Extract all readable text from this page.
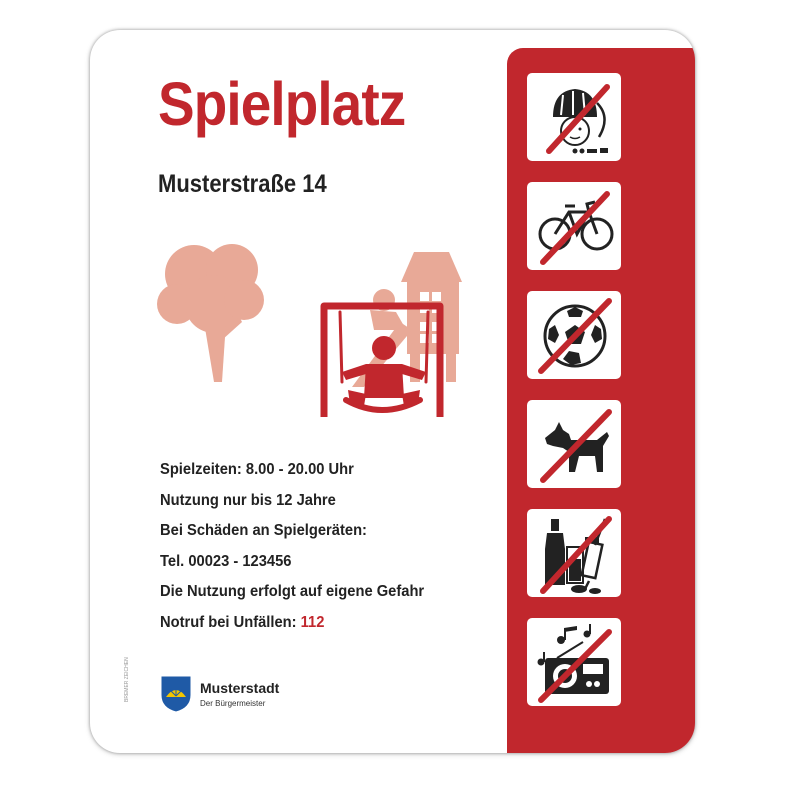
Spielplatz
Musterstraße 14
Spielzeiten: 8.00 - 20.00 Uhr
Nutzung nur bis 12 Jahre
Bei Schäden an Spielgeräten:
Tel. 00023 - 123456
Die Nutzung erfolgt auf eigene Gefahr
Notruf bei Unfällen: 112
Musterstadt
Der Bürgermeister
BREMER ZEICHEN
